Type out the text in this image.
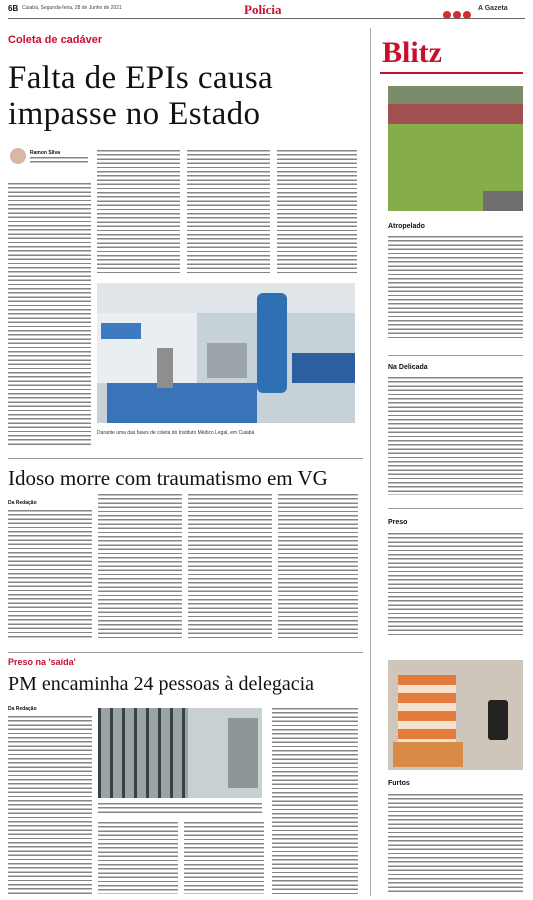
6B Cuiabá, Segunda-feira, 28 de Junho de 2021	Polícia	A Gazeta
Coleta de cadáver
Falta de EPIs causa impasse no Estado
Ramon Silva
Durante uma das fases de coleta do Instituto Médico Legal, em Cuiabá
Idoso morre com traumatismo em VG
Da Redação
Preso na 'saída'
PM encaminha 24 pessoas à delegacia
Da Redação
Blitz
Atropelado
Na Delicada
Preso
Furtos
